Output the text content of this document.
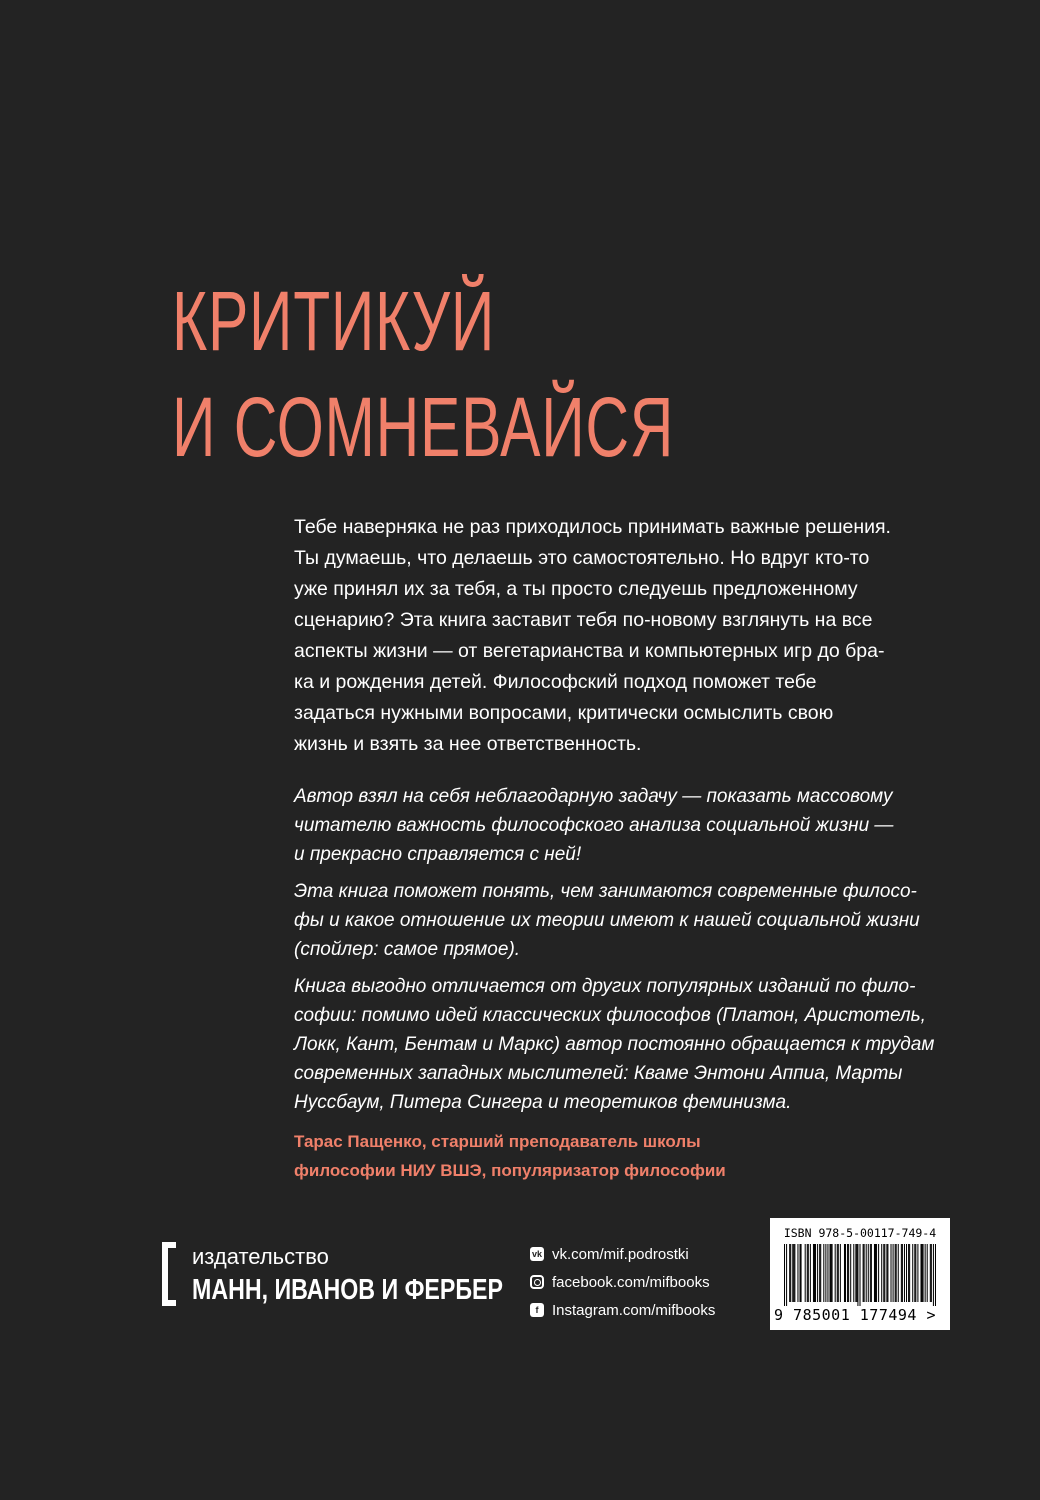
КРИТИКУЙ
И СОМНЕВАЙСЯ

Тебе наверняка не раз приходилось принимать важные решения.
Ты думаешь, что делаешь это самостоятельно. Но вдруг кто-то
уже принял их за тебя, а ты просто следуешь предложенному
сценарию? Эта книга заставит тебя по-новому взглянуть на все
аспекты жизни — от вегетарианства и компьютерных игр до бра-
ка и рождения детей. Философский подход поможет тебе
задаться нужными вопросами, критически осмыслить свою
жизнь и взять за нее ответственность.

Автор взял на себя неблагодарную задачу — показать массовому
читателю важность философского анализа социальной жизни —
и прекрасно справляется с ней!

Эта книга поможет понять, чем занимаются современные филосо-
фы и какое отношение их теории имеют к нашей социальной жизни
(спойлер: самое прямое).

Книга выгодно отличается от других популярных изданий по фило-
софии: помимо идей классических философов (Платон, Аристотель,
Локк, Кант, Бентам и Маркс) автор постоянно обращается к трудам
современных западных мыслителей: Кваме Энтони Аппиа, Марты
Нуссбаум, Питера Сингера и теоретиков феминизма.

Тарас Пащенко, старший преподаватель школы
философии НИУ ВШЭ, популяризатор философии
издательство
МАНН, ИВАНОВ И ФЕРБЕР
vk vk.com/mif.podrostki
facebook.com/mifbooks
f Instagram.com/mifbooks
ISBN 978-5-00117-749-4
9 785001 177494 >
